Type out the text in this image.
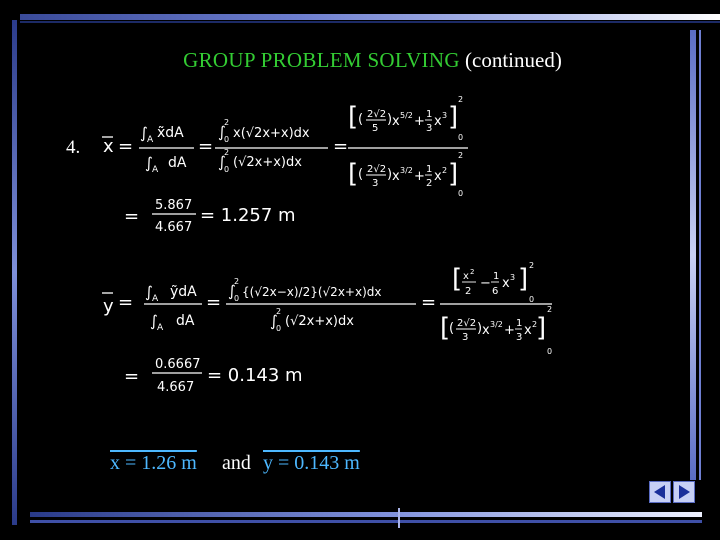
GROUP PROBLEM SOLVING (continued)
4. x =
∫ A x̃dA
∫ A dA
=
∫
2
0 x(√2x+x)dx
∫
2
0 (√2x+x)dx
=
[ ( 2√2
5
) x 5/2 + 1
3 x 3 ]
2
0
[ ( 2√2
3
) x 3/2 + 1
2 x 2 ]
2
0
=
5.867
4.667
= 1.257 m
y = ∫ A ỹdA
∫ A dA
=
∫
2
0 {(√2x−x)/2}(√2x+x)dx
∫
2
0 (√2x+x)dx
=
[ x 2
2
− 1
6
x 3 ] 2
0
[
( 2√2
3
) x 3/2 + 1
3 x 2
]
2
0
=
0.6667
4.667
= 0.143 m
x = 1.26 m and y = 0.143 m
